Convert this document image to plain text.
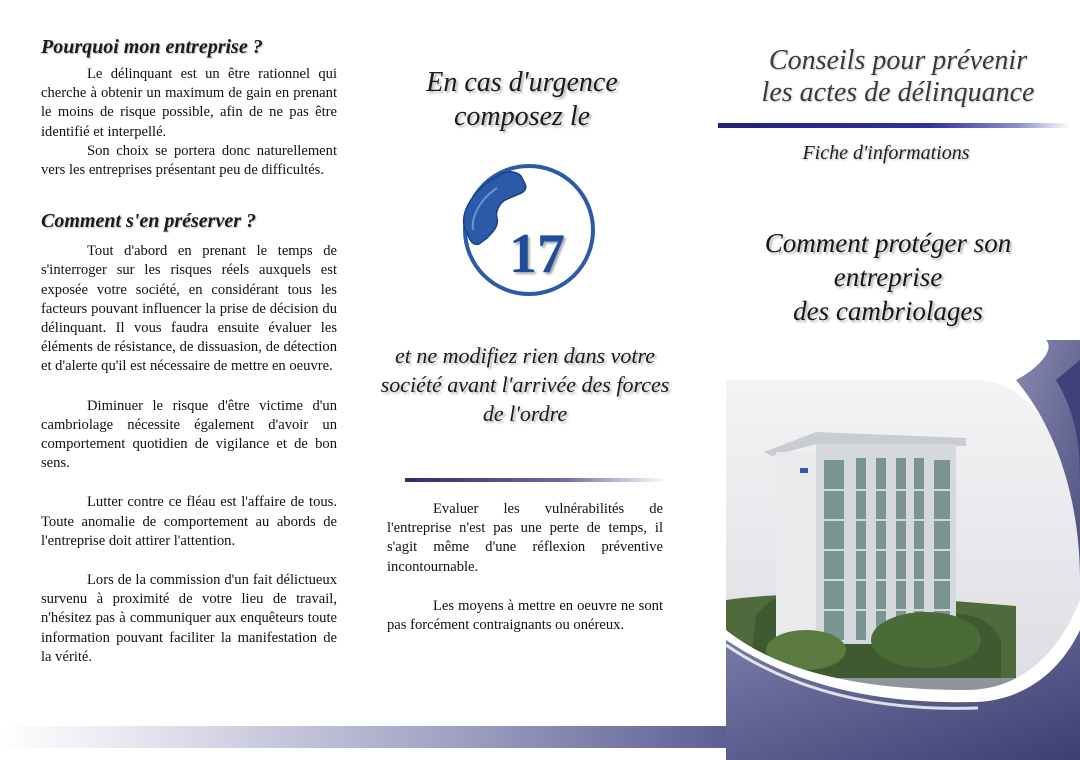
Pourquoi mon entreprise ?

Le délinquant est un être rationnel qui cherche à obtenir un maximum de gain en prenant le moins de risque possible, afin de ne pas être identifié et interpellé.

Son choix se portera donc naturellement vers les entreprises présentant peu de difficultés.

Comment s'en préserver ?

Tout d'abord en prenant le temps de s'interroger sur les risques réels auxquels est exposée votre société, en considérant tous les facteurs pouvant influencer la prise de décision du délinquant. Il vous faudra ensuite évaluer les éléments de résistance, de dissuasion, de détection et d'alerte qu'il est nécessaire de mettre en oeuvre.

Diminuer le risque d'être victime d'un cambriolage nécessite également d'avoir un comportement quotidien de vigilance et de bon sens.

Lutter contre ce fléau est l'affaire de tous. Toute anomalie de comportement au abords de l'entreprise doit attirer l'attention.

Lors de la commission d'un fait délictueux survenu à proximité de votre lieu de travail, n'hésitez pas à communiquer aux enquêteurs toute information pouvant faciliter la manifestation de la vérité.

En cas d'urgence composez le
17
et ne modifiez rien dans votre société avant l'arrivée des forces de l'ordre

Evaluer les vulnérabilités de l'entreprise n'est pas une perte de temps, il s'agit même d'une réflexion préventive incontournable.

Les moyens à mettre en oeuvre ne sont pas forcément contraignants ou onéreux.

Conseils pour prévenir
les actes de délinquance
Fiche d'informations
Comment protéger son
entreprise
des cambriolages
